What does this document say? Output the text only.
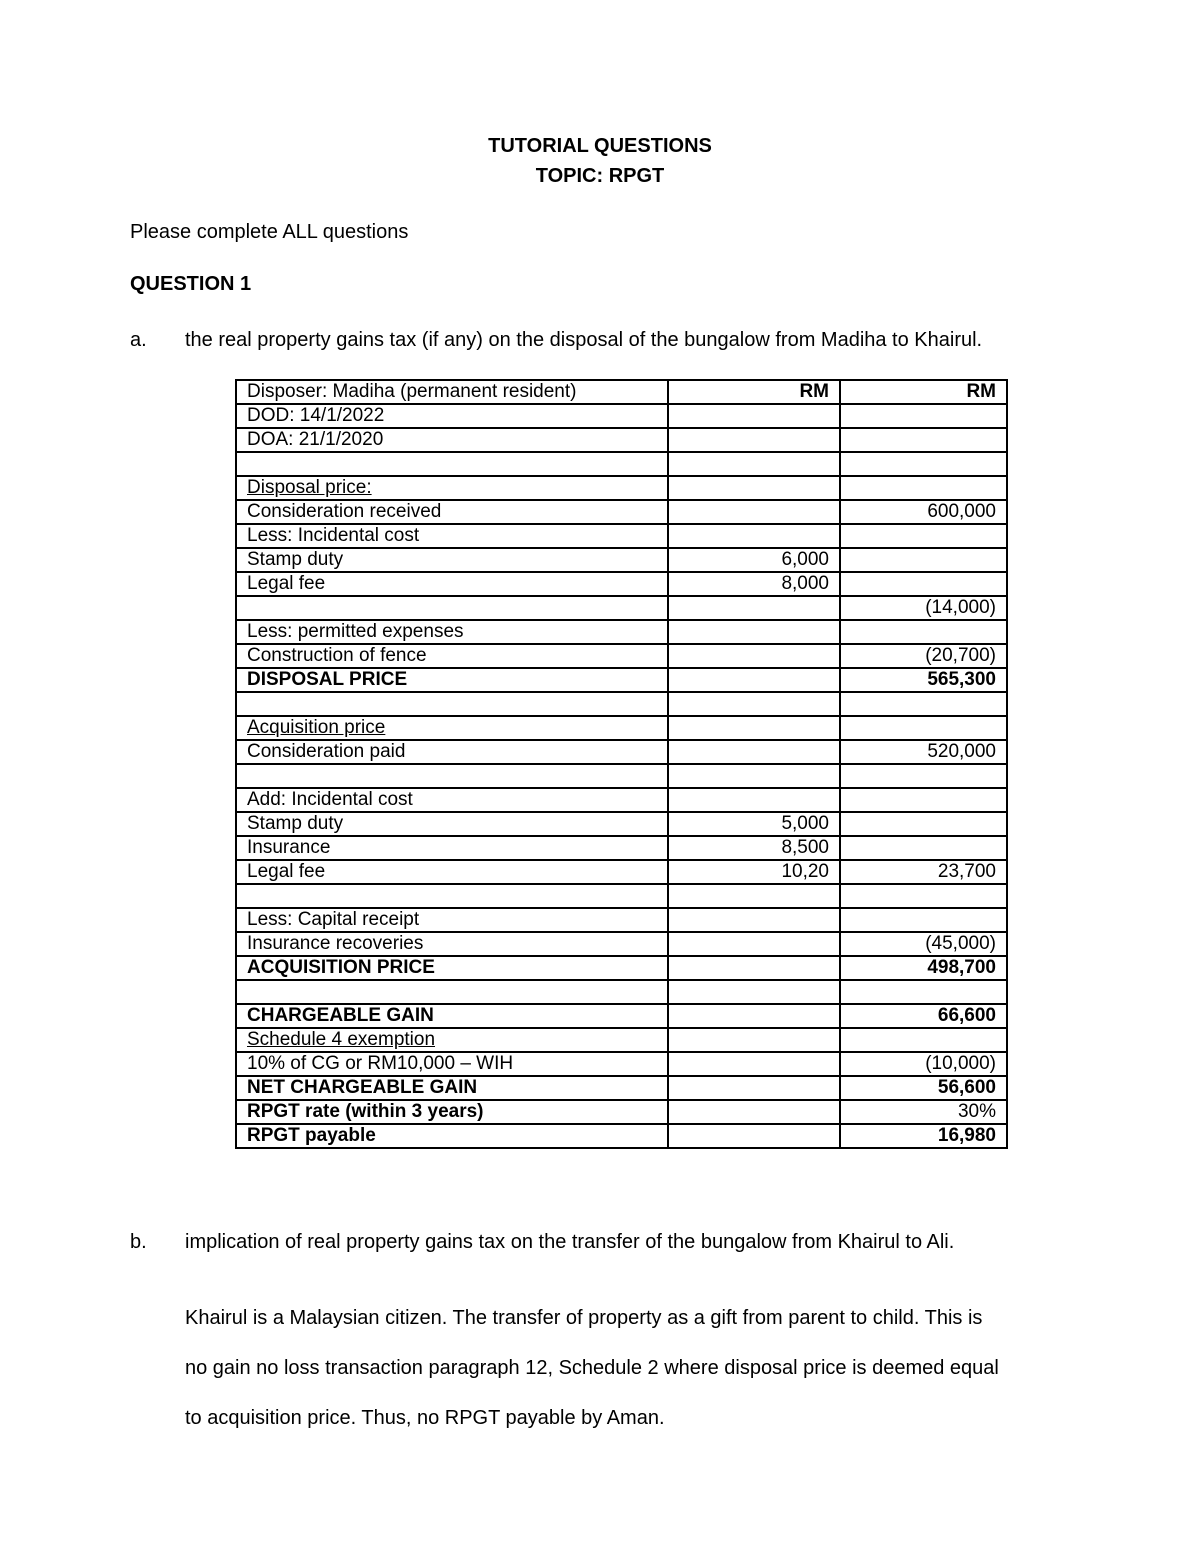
TUTORIAL QUESTIONS
TOPIC: RPGT
Please complete ALL questions
QUESTION 1
a. the real property gains tax (if any) on the disposal of the bungalow from Madiha to Khairul.
Disposer: Madiha (permanent resident)	RM	RM
DOD: 14/1/2022		
DOA: 21/1/2020		

Disposal price:		
Consideration received		600,000
Less: Incidental cost		
Stamp duty	6,000	
Legal fee	8,000	
		(14,000)
Less: permitted expenses		
Construction of fence		(20,700)
DISPOSAL PRICE		565,300

Acquisition price		
Consideration paid		520,000

Add: Incidental cost		
Stamp duty	5,000	
Insurance	8,500	
Legal fee	10,20	23,700

Less: Capital receipt		
Insurance recoveries		(45,000)
ACQUISITION PRICE		498,700

CHARGEABLE GAIN		66,600
Schedule 4 exemption		
10% of CG or RM10,000 – WIH		(10,000)
NET CHARGEABLE GAIN		56,600
RPGT rate (within 3 years)		30%
RPGT payable		16,980
b. implication of real property gains tax on the transfer of the bungalow from Khairul to Ali.

Khairul is a Malaysian citizen. The transfer of property as a gift from parent to child. This is

no gain no loss transaction paragraph 12, Schedule 2 where disposal price is deemed equal

to acquisition price. Thus, no RPGT payable by Aman.
